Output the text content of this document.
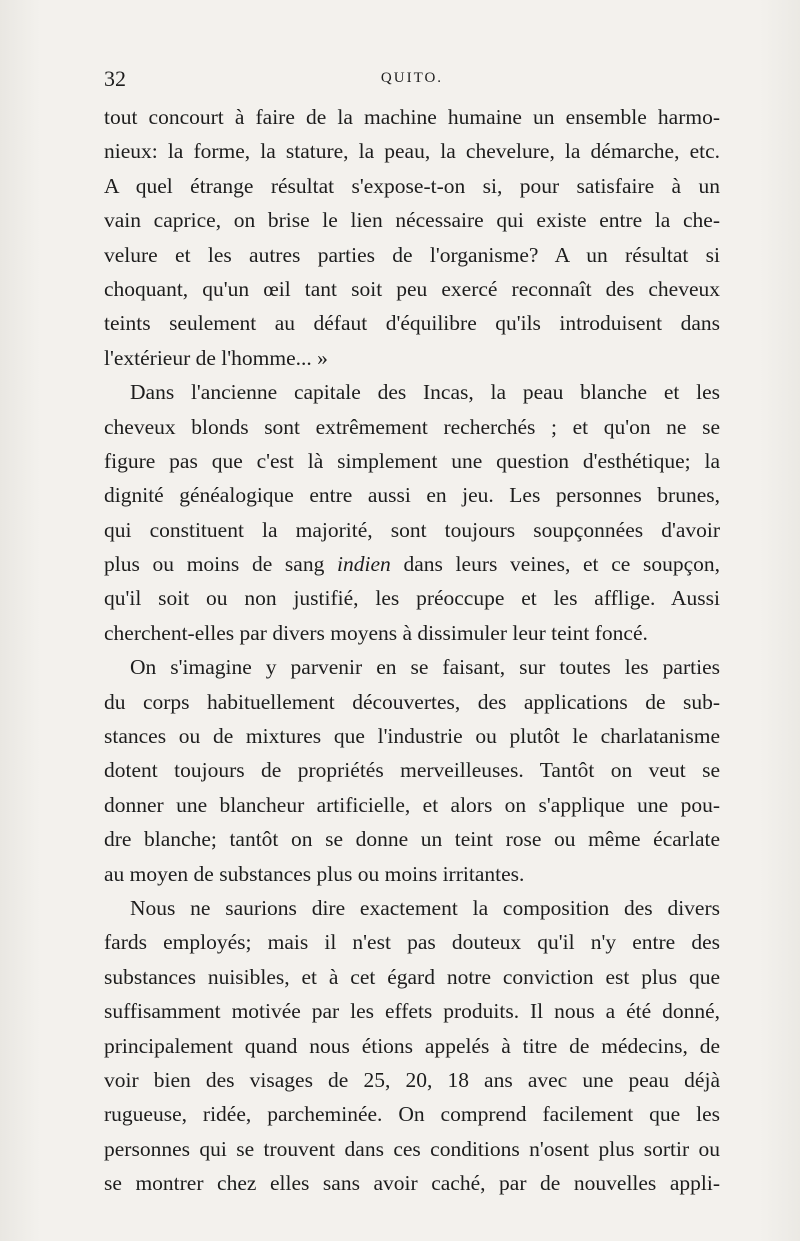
32	QUITO.
tout concourt à faire de la machine humaine un ensemble harmo-
nieux: la forme, la stature, la peau, la chevelure, la démarche, etc.
A quel étrange résultat s'expose-t-on si, pour satisfaire à un
vain caprice, on brise le lien nécessaire qui existe entre la che-
velure et les autres parties de l'organisme? A un résultat si
choquant, qu'un œil tant soit peu exercé reconnaît des cheveux
teints seulement au défaut d'équilibre qu'ils introduisent dans
l'extérieur de l'homme... »
Dans l'ancienne capitale des Incas, la peau blanche et les
cheveux blonds sont extrêmement recherchés ; et qu'on ne se
figure pas que c'est là simplement une question d'esthétique; la
dignité généalogique entre aussi en jeu. Les personnes brunes,
qui constituent la majorité, sont toujours soupçonnées d'avoir
plus ou moins de sang indien dans leurs veines, et ce soupçon,
qu'il soit ou non justifié, les préoccupe et les afflige. Aussi
cherchent-elles par divers moyens à dissimuler leur teint foncé.
On s'imagine y parvenir en se faisant, sur toutes les parties
du corps habituellement découvertes, des applications de sub-
stances ou de mixtures que l'industrie ou plutôt le charlatanisme
dotent toujours de propriétés merveilleuses. Tantôt on veut se
donner une blancheur artificielle, et alors on s'applique une pou-
dre blanche; tantôt on se donne un teint rose ou même écarlate
au moyen de substances plus ou moins irritantes.
Nous ne saurions dire exactement la composition des divers
fards employés; mais il n'est pas douteux qu'il n'y entre des
substances nuisibles, et à cet égard notre conviction est plus que
suffisamment motivée par les effets produits. Il nous a été donné,
principalement quand nous étions appelés à titre de médecins, de
voir bien des visages de 25, 20, 18 ans avec une peau déjà
rugueuse, ridée, parcheminée. On comprend facilement que les
personnes qui se trouvent dans ces conditions n'osent plus sortir ou
se montrer chez elles sans avoir caché, par de nouvelles appli-
